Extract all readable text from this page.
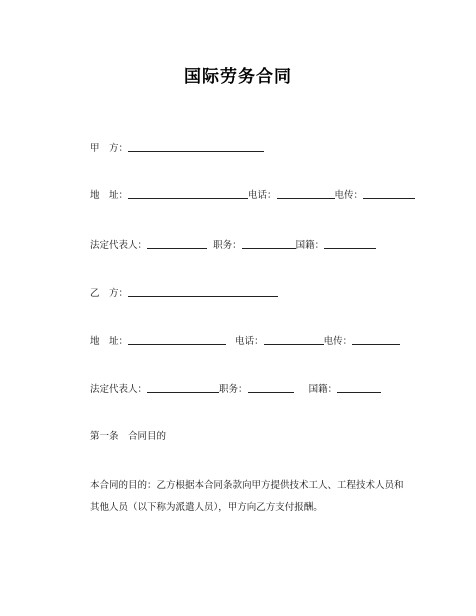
国际劳务合同
甲　方：
地　址：	电话：	电传：
法定代表人：	职务：	国籍：
乙　方：
地　址：	电话：	电传：
法定代表人：	职务：	国籍：
第一条　合同目的
本合同的目的：乙方根据本合同条款向甲方提供技术工人、工程技术人员和其他人员（以下称为派遣人员），甲方向乙方支付报酬。
